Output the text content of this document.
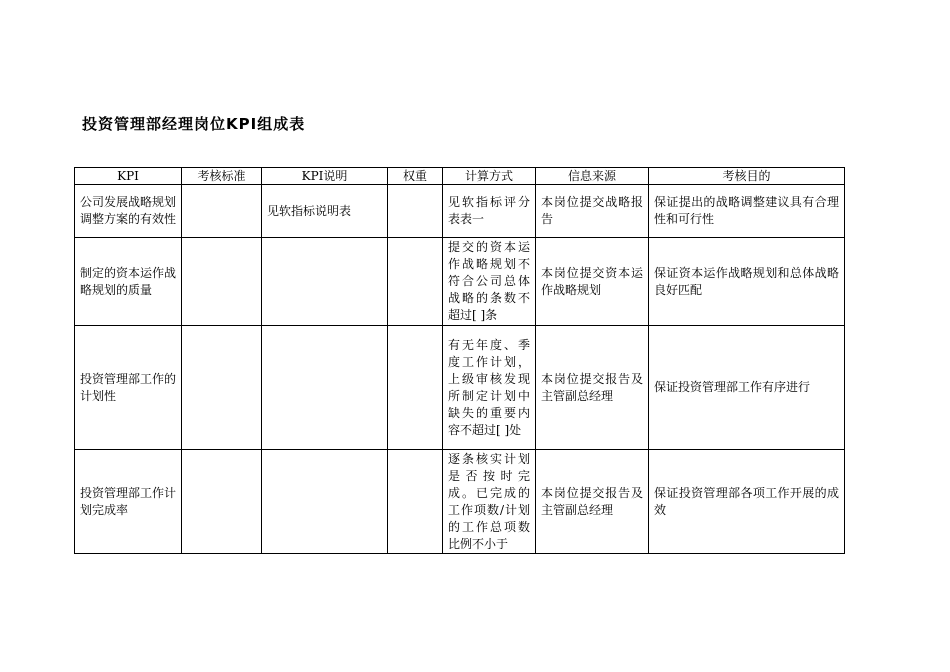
投资管理部经理岗位KPI组成表
KPI	考核标准	KPI说明	权重	计算方式	信息来源	考核目的
公司发展战略规划调整方案的有效性		见软指标说明表		见软指标评分表表一	本岗位提交战略报告	保证提出的战略调整建议具有合理性和可行性
制定的资本运作战略规划的质量				提交的资本运作战略规划不符合公司总体战略的条数不超过[ ]条	本岗位提交资本运作战略规划	保证资本运作战略规划和总体战略良好匹配
投资管理部工作的计划性				有无年度、季度工作计划，上级审核发现所制定计划中缺失的重要内容不超过[ ]处	本岗位提交报告及主管副总经理	保证投资管理部工作有序进行
投资管理部工作计划完成率				逐条核实计划是否按时完成。已完成的工作项数/计划的工作总项数比例不小于	本岗位提交报告及主管副总经理	保证投资管理部各项工作开展的成效
